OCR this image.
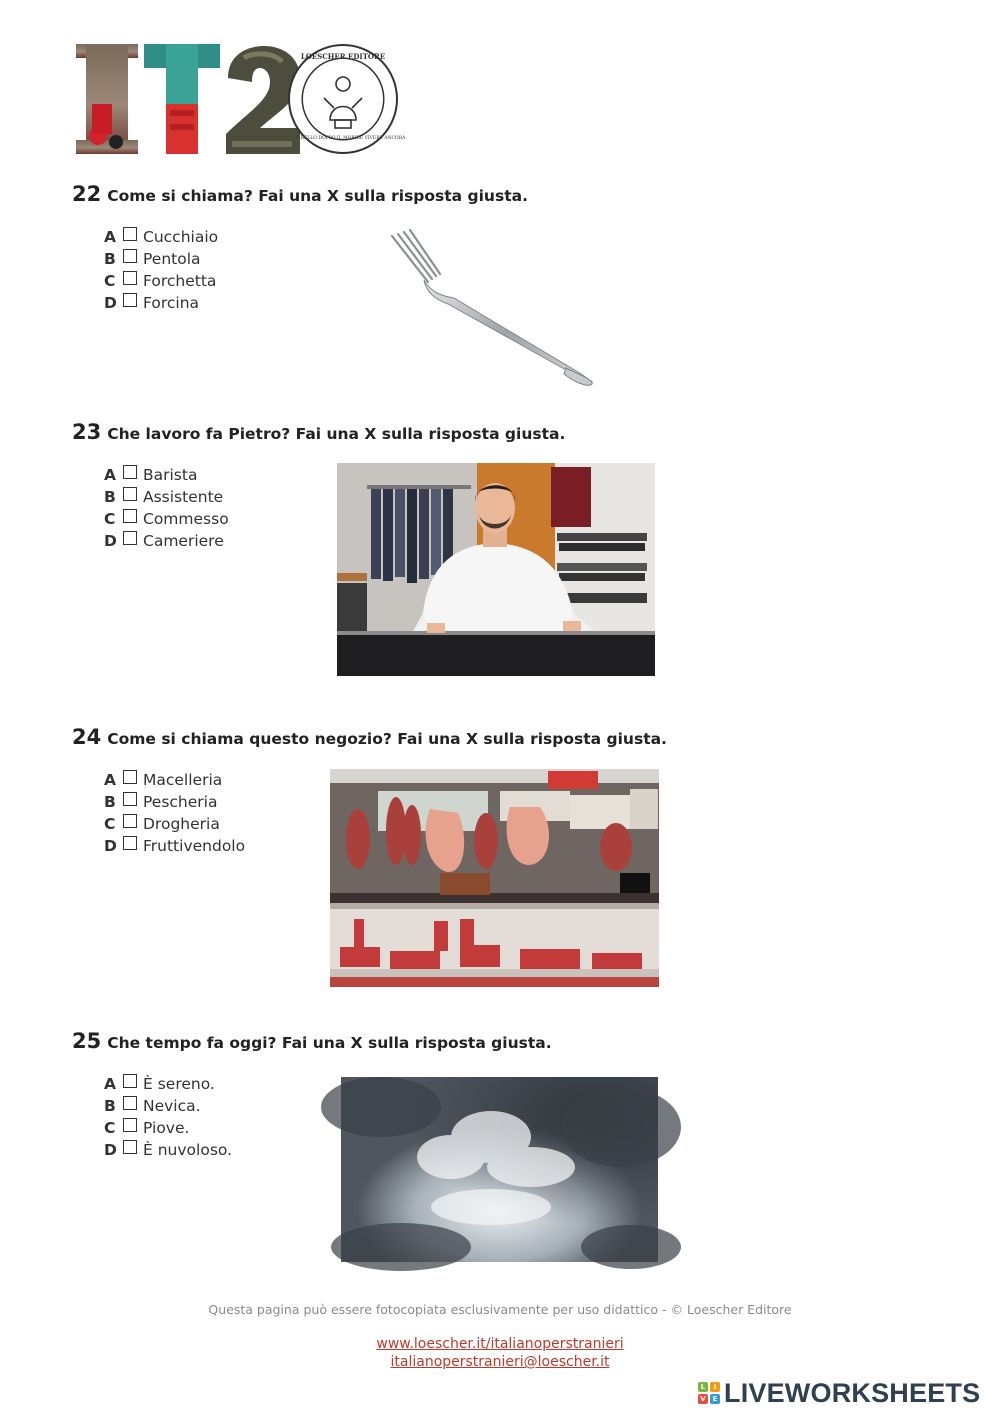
LOESCHER EDITORE
E BELLO DOPPO IL MORIRE VIVERE ANCORA
22 Come si chiama? Fai una X sulla risposta giusta.
A	Cucchiaio
B	Pentola
C	Forchetta
D	Forcina
23 Che lavoro fa Pietro? Fai una X sulla risposta giusta.
A	Barista
B	Assistente
C	Commesso
D	Cameriere
24 Come si chiama questo negozio? Fai una X sulla risposta giusta.
A	Macelleria
B	Pescheria
C	Drogheria
D	Fruttivendolo
25 Che tempo fa oggi? Fai una X sulla risposta giusta.
A	È sereno.
B	Nevica.
C	Piove.
D	È nuvoloso.
Questa pagina può essere fotocopiata esclusivamente per uso didattico - © Loescher Editore
www.loescher.it/italianoperstranieri
italianoperstranieri@loescher.it
L	I
V E LIVEWORKSHEETS
